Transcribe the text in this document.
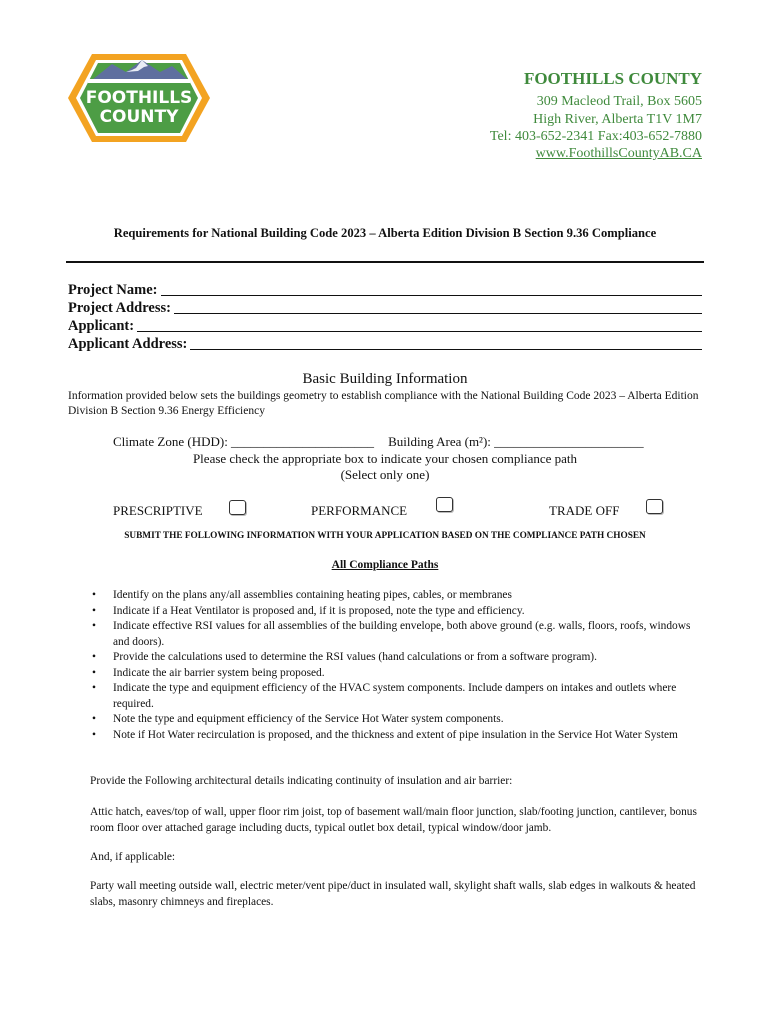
FOOTHILLS
COUNTY
FOOTHILLS COUNTY
309 Macleod Trail, Box 5605
High River, Alberta T1V 1M7
Tel: 403-652-2341 Fax:403-652-7880
www.FoothillsCountyAB.CA
Requirements for National Building Code 2023 – Alberta Edition Division B Section 9.36 Compliance
Project Name:
Project Address:
Applicant:
Applicant Address:
Basic Building Information
Information provided below sets the buildings geometry to establish compliance with the National Building Code 2023 – Alberta Edition Division B Section 9.36 Energy Efficiency
Climate Zone (HDD): ______________________ Building Area (m²): _______________________
Please check the appropriate box to indicate your chosen compliance path
(Select only one)
PRESCRIPTIVE	PERFORMANCE	TRADE OFF
SUBMIT THE FOLLOWING INFORMATION WITH YOUR APPLICATION BASED ON THE COMPLIANCE PATH CHOSEN
All Compliance Paths
• Identify on the plans any/all assemblies containing heating pipes, cables, or membranes
• Indicate if a Heat Ventilator is proposed and, if it is proposed, note the type and efficiency.
• Indicate effective RSI values for all assemblies of the building envelope, both above ground (e.g. walls, floors, roofs, windows and doors).
• Provide the calculations used to determine the RSI values (hand calculations or from a software program).
• Indicate the air barrier system being proposed.
• Indicate the type and equipment efficiency of the HVAC system components. Include dampers on intakes and outlets where required.
• Note the type and equipment efficiency of the Service Hot Water system components.
• Note if Hot Water recirculation is proposed, and the thickness and extent of pipe insulation in the Service Hot Water System
Provide the Following architectural details indicating continuity of insulation and air barrier:
Attic hatch, eaves/top of wall, upper floor rim joist, top of basement wall/main floor junction, slab/footing junction, cantilever, bonus room floor over attached garage including ducts, typical outlet box detail, typical window/door jamb.
And, if applicable:
Party wall meeting outside wall, electric meter/vent pipe/duct in insulated wall, skylight shaft walls, slab edges in walkouts & heated slabs, masonry chimneys and fireplaces.
